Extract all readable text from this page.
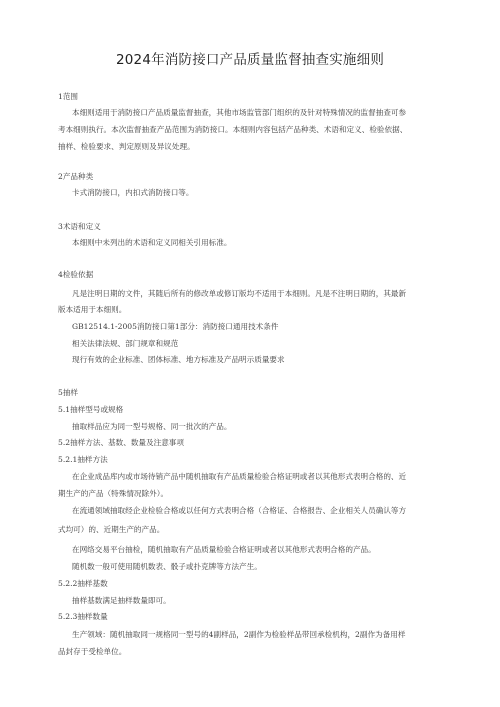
2024年消防接口产品质量监督抽查实施细则
1范围
本细则适用于消防接口产品质量监督抽查，其他市场监管部门组织的及针对特殊情况的监督抽查可参
考本细则执行。本次监督抽查产品范围为消防接口。本细则内容包括产品种类、术语和定义、检验依据、
抽样、检验要求、判定原则及异议处理。
2产品种类
卡式消防接口，内扣式消防接口等。
3术语和定义
本细则中未列出的术语和定义同相关引用标准。
4检验依据
凡是注明日期的文件，其随后所有的修改单或修订版均不适用于本细则。凡是不注明日期的，其最新
版本适用于本细则。
GB12514.1-2005消防接口第1部分：消防接口通用技术条件
相关法律法规、部门规章和规范
现行有效的企业标准、团体标准、地方标准及产品明示质量要求
5抽样
5.1抽样型号或规格
抽取样品应为同一型号规格、同一批次的产品。
5.2抽样方法、基数、数量及注意事项
5.2.1抽样方法
在企业成品库内或市场待销产品中随机抽取有产品质量检验合格证明或者以其他形式表明合格的、近
期生产的产品（特殊情况除外）。
在流通领域抽取经企业检验合格或以任何方式表明合格（合格证、合格报告、企业相关人员确认等方
式均可）的、近期生产的产品。
在网络交易平台抽检，随机抽取有产品质量检验合格证明或者以其他形式表明合格的产品。
随机数一般可使用随机数表、骰子或扑克牌等方法产生。
5.2.2抽样基数
抽样基数满足抽样数量即可。
5.2.3抽样数量
生产领域：随机抽取同一规格同一型号的4副样品，2副作为检验样品带回承检机构，2副作为备用样
品封存于受检单位。
